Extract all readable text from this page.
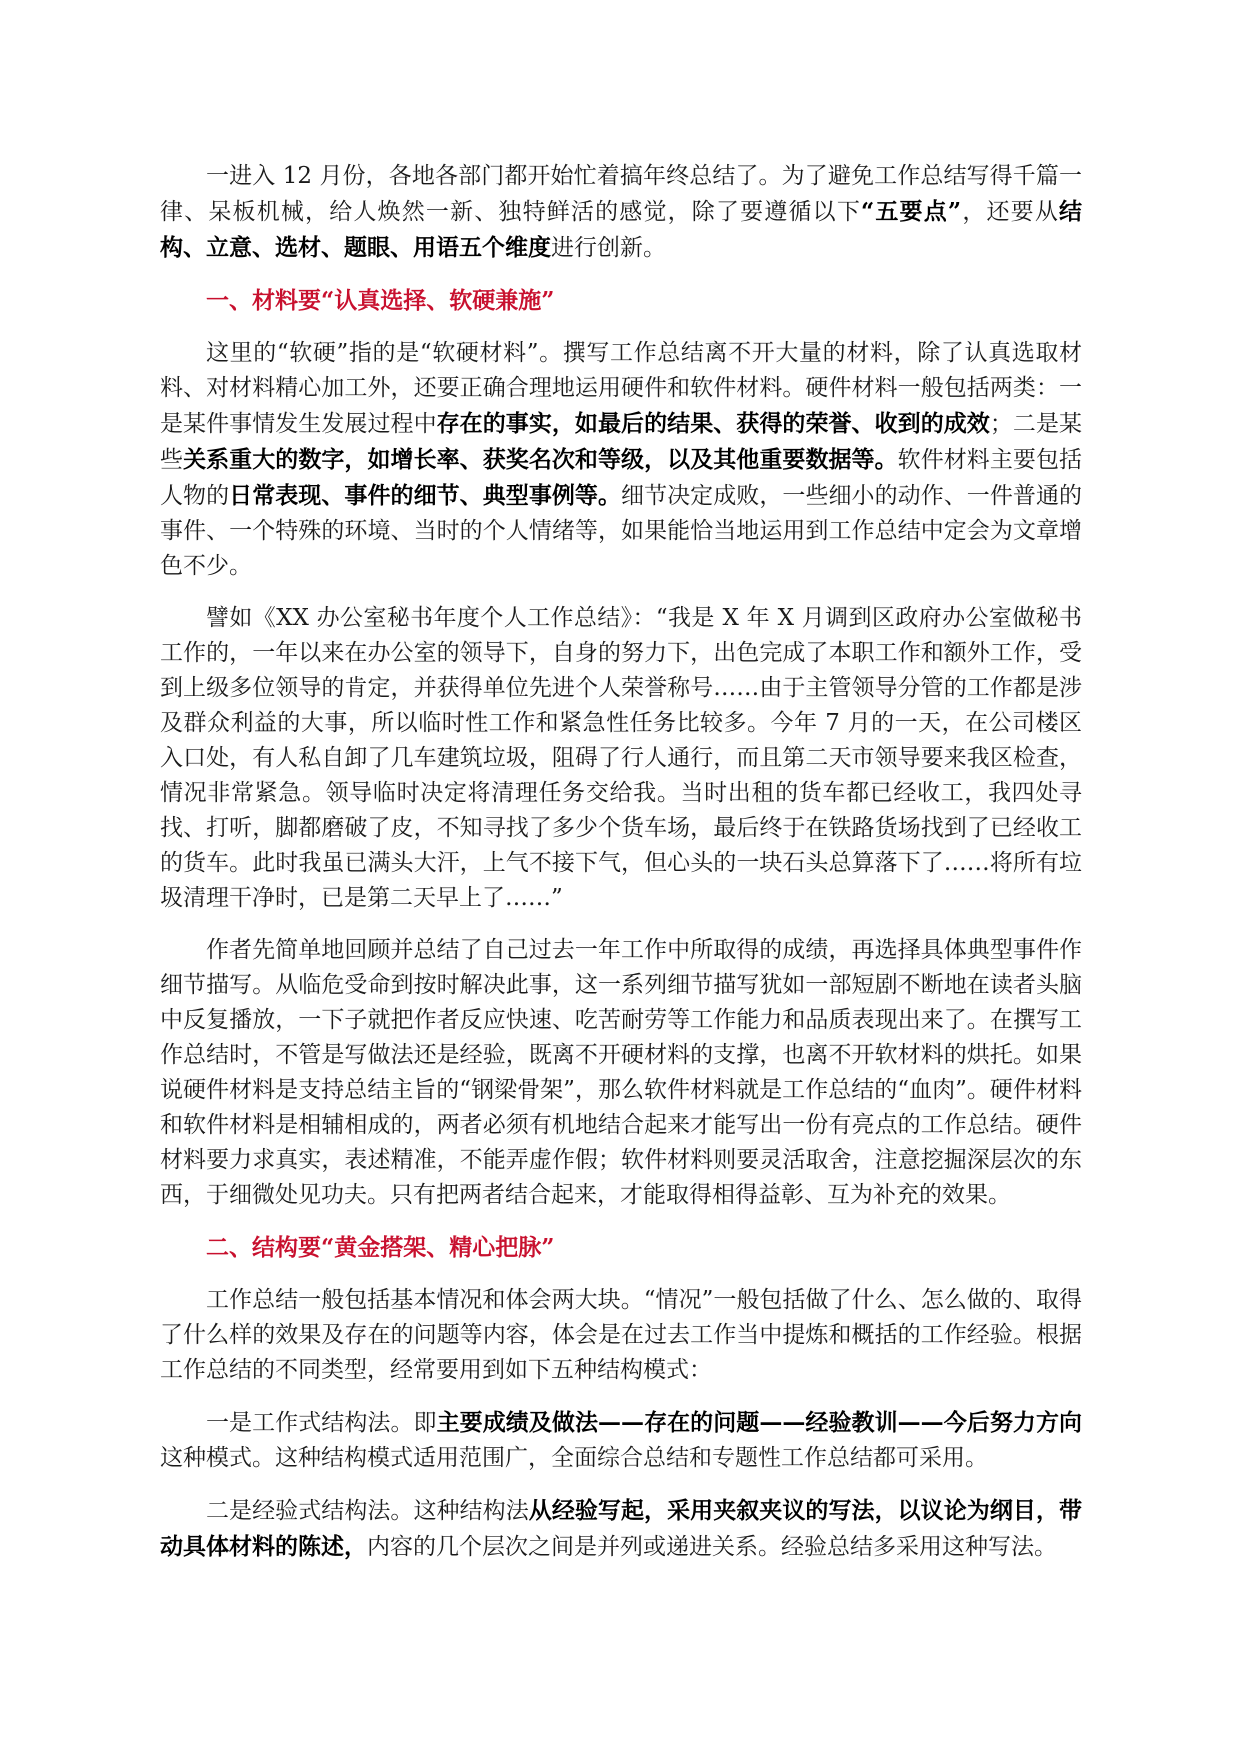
一进入 12 月份，各地各部门都开始忙着搞年终总结了。为了避免工作总结写得千篇一律、呆板机械，给人焕然一新、独特鲜活的感觉，除了要遵循以下“五要点”，还要从结构、立意、选材、题眼、用语五个维度进行创新。

一、材料要“认真选择、软硬兼施”

这里的“软硬”指的是“软硬材料”。撰写工作总结离不开大量的材料，除了认真选取材料、对材料精心加工外，还要正确合理地运用硬件和软件材料。硬件材料一般包括两类：一是某件事情发生发展过程中存在的事实，如最后的结果、获得的荣誉、收到的成效；二是某些关系重大的数字，如增长率、获奖名次和等级，以及其他重要数据等。软件材料主要包括人物的日常表现、事件的细节、典型事例等。细节决定成败，一些细小的动作、一件普通的事件、一个特殊的环境、当时的个人情绪等，如果能恰当地运用到工作总结中定会为文章增色不少。

譬如《XX 办公室秘书年度个人工作总结》：“我是 X 年 X 月调到区政府办公室做秘书工作的，一年以来在办公室的领导下，自身的努力下，出色完成了本职工作和额外工作，受到上级多位领导的肯定，并获得单位先进个人荣誉称号……由于主管领导分管的工作都是涉及群众利益的大事，所以临时性工作和紧急性任务比较多。今年 7 月的一天，在公司楼区入口处，有人私自卸了几车建筑垃圾，阻碍了行人通行，而且第二天市领导要来我区检查，情况非常紧急。领导临时决定将清理任务交给我。当时出租的货车都已经收工，我四处寻找、打听，脚都磨破了皮，不知寻找了多少个货车场，最后终于在铁路货场找到了已经收工的货车。此时我虽已满头大汗，上气不接下气，但心头的一块石头总算落下了……将所有垃圾清理干净时，已是第二天早上了……”

作者先简单地回顾并总结了自己过去一年工作中所取得的成绩，再选择具体典型事件作细节描写。从临危受命到按时解决此事，这一系列细节描写犹如一部短剧不断地在读者头脑中反复播放，一下子就把作者反应快速、吃苦耐劳等工作能力和品质表现出来了。在撰写工作总结时，不管是写做法还是经验，既离不开硬材料的支撑，也离不开软材料的烘托。如果说硬件材料是支持总结主旨的“钢梁骨架”，那么软件材料就是工作总结的“血肉”。硬件材料和软件材料是相辅相成的，两者必须有机地结合起来才能写出一份有亮点的工作总结。硬件材料要力求真实，表述精准，不能弄虚作假；软件材料则要灵活取舍，注意挖掘深层次的东西，于细微处见功夫。只有把两者结合起来，才能取得相得益彰、互为补充的效果。

二、结构要“黄金搭架、精心把脉”

工作总结一般包括基本情况和体会两大块。“情况”一般包括做了什么、怎么做的、取得了什么样的效果及存在的问题等内容，体会是在过去工作当中提炼和概括的工作经验。根据工作总结的不同类型，经常要用到如下五种结构模式：

一是工作式结构法。即主要成绩及做法——存在的问题——经验教训——今后努力方向这种模式。这种结构模式适用范围广，全面综合总结和专题性工作总结都可采用。

二是经验式结构法。这种结构法从经验写起，采用夹叙夹议的写法，以议论为纲目，带动具体材料的陈述，内容的几个层次之间是并列或递进关系。经验总结多采用这种写法。
